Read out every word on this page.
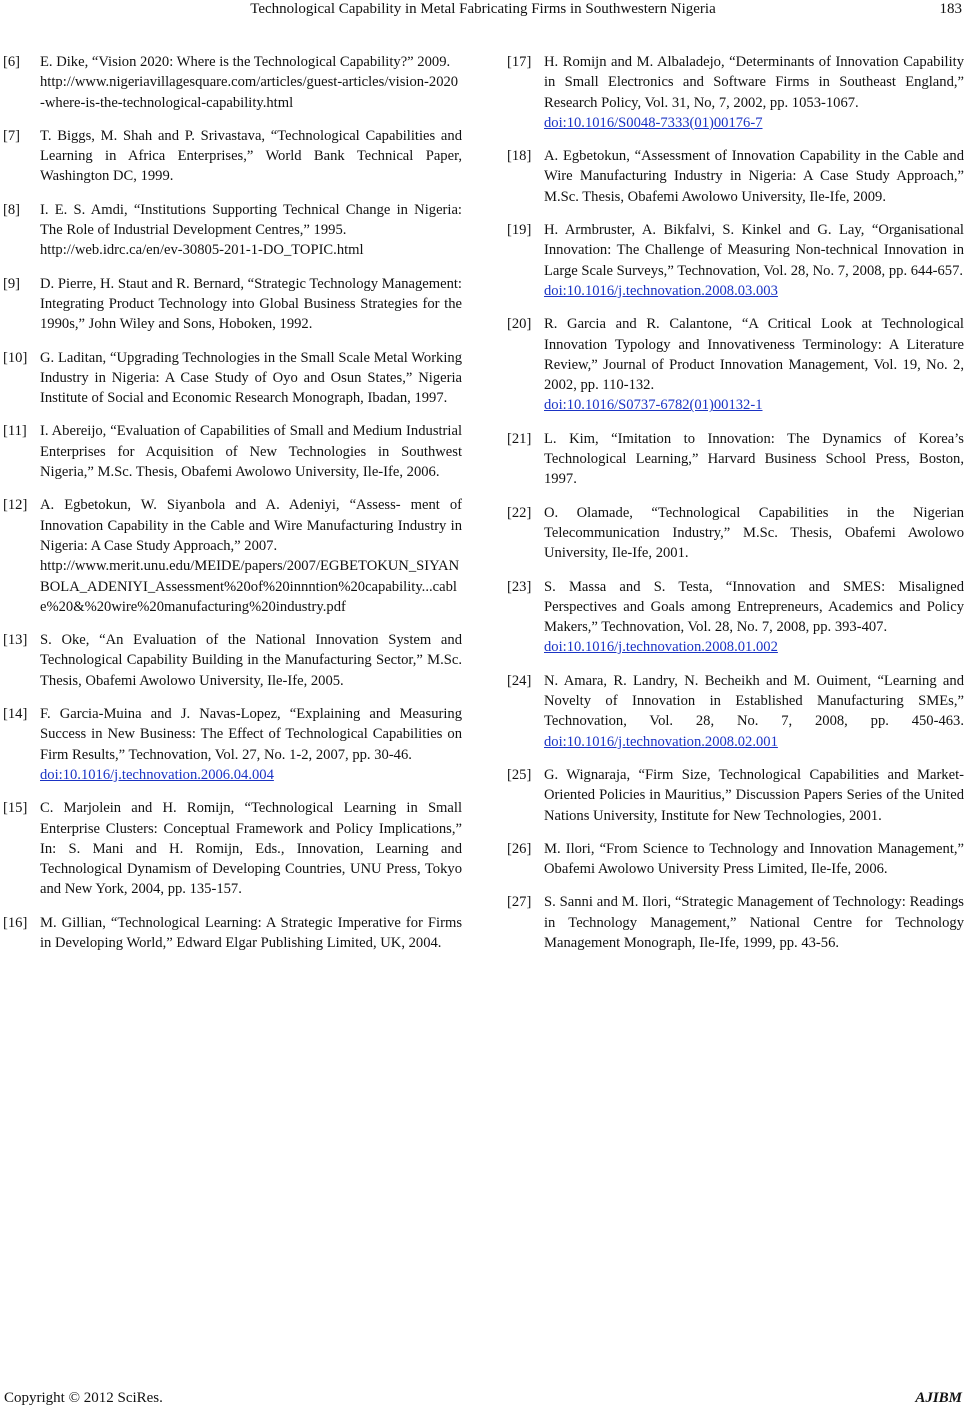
Technological Capability in Metal Fabricating Firms in Southwestern Nigeria	183
[6] E. Dike, “Vision 2020: Where is the Technological Capability?” 2009.
http://www.nigeriavillagesquare.com/articles/guest-articles/vision-2020-where-is-the-technological-capability.html
[7] T. Biggs, M. Shah and P. Srivastava, “Technological Capabilities and Learning in Africa Enterprises,” World Bank Technical Paper, Washington DC, 1999.
[8] I. E. S. Amdi, “Institutions Supporting Technical Change in Nigeria: The Role of Industrial Development Centres,” 1995.
http://web.idrc.ca/en/ev-30805-201-1-DO_TOPIC.html
[9] D. Pierre, H. Staut and R. Bernard, “Strategic Technology Management: Integrating Product Technology into Global Business Strategies for the 1990s,” John Wiley and Sons, Hoboken, 1992.
[10] G. Laditan, “Upgrading Technologies in the Small Scale Metal Working Industry in Nigeria: A Case Study of Oyo and Osun States,” Nigeria Institute of Social and Economic Research Monograph, Ibadan, 1997.
[11] I. Abereijo, “Evaluation of Capabilities of Small and Medium Industrial Enterprises for Acquisition of New Technologies in Southwest Nigeria,” M.Sc. Thesis, Obafemi Awolowo University, Ile-Ife, 2006.
[12] A. Egbetokun, W. Siyanbola and A. Adeniyi, “Assess- ment of Innovation Capability in the Cable and Wire Manufacturing Industry in Nigeria: A Case Study Approach,” 2007.
http://www.merit.unu.edu/MEIDE/papers/2007/EGBETOKUN_SIYANBOLA_ADENIYI_Assessment%20of%20innntion%20capability...cable%20&%20wire%20manufacturing%20industry.pdf
[13] S. Oke, “An Evaluation of the National Innovation System and Technological Capability Building in the Manufacturing Sector,” M.Sc. Thesis, Obafemi Awolowo University, Ile-Ife, 2005.
[14] F. Garcia-Muina and J. Navas-Lopez, “Explaining and Measuring Success in New Business: The Effect of Technological Capabilities on Firm Results,” Technovation, Vol. 27, No. 1-2, 2007, pp. 30-46.
doi:10.1016/j.technovation.2006.04.004
[15] C. Marjolein and H. Romijn, “Technological Learning in Small Enterprise Clusters: Conceptual Framework and Policy Implications,” In: S. Mani and H. Romijn, Eds., Innovation, Learning and Technological Dynamism of Developing Countries, UNU Press, Tokyo and New York, 2004, pp. 135-157.
[16] M. Gillian, “Technological Learning: A Strategic Imperative for Firms in Developing World,” Edward Elgar Publishing Limited, UK, 2004.
[17] H. Romijn and M. Albaladejo, “Determinants of Innovation Capability in Small Electronics and Software Firms in Southeast England,” Research Policy, Vol. 31, No, 7, 2002, pp. 1053-1067.
doi:10.1016/S0048-7333(01)00176-7
[18] A. Egbetokun, “Assessment of Innovation Capability in the Cable and Wire Manufacturing Industry in Nigeria: A Case Study Approach,” M.Sc. Thesis, Obafemi Awolowo University, Ile-Ife, 2009.
[19] H. Armbruster, A. Bikfalvi, S. Kinkel and G. Lay, “Organisational Innovation: The Challenge of Measuring Non-technical Innovation in Large Scale Surveys,” Technovation, Vol. 28, No. 7, 2008, pp. 644-657.
doi:10.1016/j.technovation.2008.03.003
[20] R. Garcia and R. Calantone, “A Critical Look at Technological Innovation Typology and Innovativeness Terminology: A Literature Review,” Journal of Product Innovation Management, Vol. 19, No. 2, 2002, pp. 110-132.
doi:10.1016/S0737-6782(01)00132-1
[21] L. Kim, “Imitation to Innovation: The Dynamics of Korea’s Technological Learning,” Harvard Business School Press, Boston, 1997.
[22] O. Olamade, “Technological Capabilities in the Nigerian Telecommunication Industry,” M.Sc. Thesis, Obafemi Awolowo University, Ile-Ife, 2001.
[23] S. Massa and S. Testa, “Innovation and SMES: Misaligned Perspectives and Goals among Entrepreneurs, Academics and Policy Makers,” Technovation, Vol. 28, No. 7, 2008, pp. 393-407.
doi:10.1016/j.technovation.2008.01.002
[24] N. Amara, R. Landry, N. Becheikh and M. Ouiment, “Learning and Novelty of Innovation in Established Manufacturing SMEs,” Technovation, Vol. 28, No. 7, 2008, pp. 450-463. doi:10.1016/j.technovation.2008.02.001
[25] G. Wignaraja, “Firm Size, Technological Capabilities and Market-Oriented Policies in Mauritius,” Discussion Papers Series of the United Nations University, Institute for New Technologies, 2001.
[26] M. Ilori, “From Science to Technology and Innovation Management,” Obafemi Awolowo University Press Limited, Ile-Ife, 2006.
[27] S. Sanni and M. Ilori, “Strategic Management of Technology: Readings in Technology Management,” National Centre for Technology Management Monograph, Ile-Ife, 1999, pp. 43-56.
Copyright © 2012 SciRes.	AJIBM
